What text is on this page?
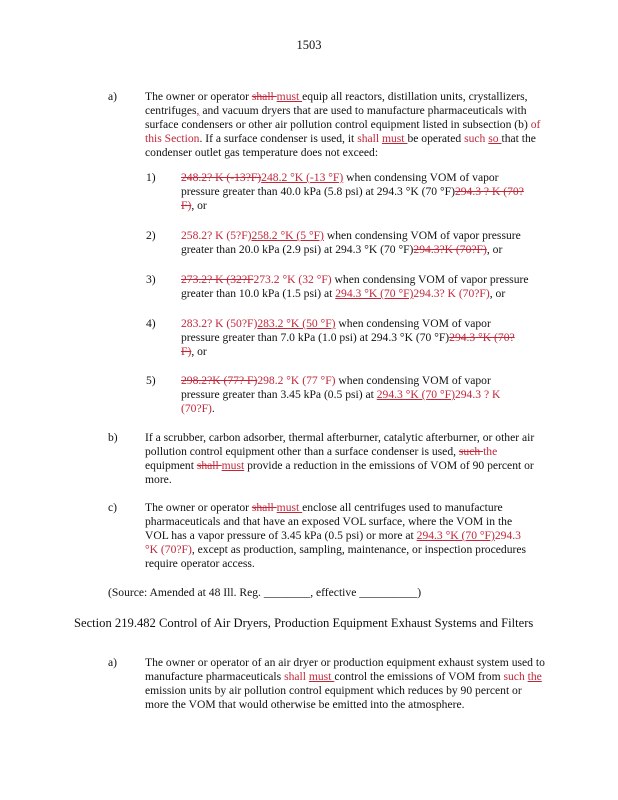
1503
a) The owner or operator shall must equip all reactors, distillation units, crystallizers, centrifuges, and vacuum dryers that are used to manufacture pharmaceuticals with surface condensers or other air pollution control equipment listed in subsection (b) of this Section. If a surface condenser is used, it shall must be operated such so that the condenser outlet gas temperature does not exceed:
1) 248.2? K (-13?F)248.2 °K (-13 °F) when condensing VOM of vapor pressure greater than 40.0 kPa (5.8 psi) at 294.3 °K (70 °F)294.3 ? K (70?F), or
2) 258.2? K (5?F)258.2 °K (5 °F) when condensing VOM of vapor pressure greater than 20.0 kPa (2.9 psi) at 294.3 °K (70 °F)294.3?K (70?F), or
3) 273.2? K (32?F273.2 °K (32 °F) when condensing VOM of vapor pressure greater than 10.0 kPa (1.5 psi) at 294.3 °K (70 °F)294.3? K (70?F), or
4) 283.2? K (50?F)283.2 °K (50 °F) when condensing VOM of vapor pressure greater than 7.0 kPa (1.0 psi) at 294.3 °K (70 °F)294.3 °K (70?F), or
5) 298.2?K (77? F)298.2 °K (77 °F) when condensing VOM of vapor pressure greater than 3.45 kPa (0.5 psi) at 294.3 °K (70 °F)294.3 ? K (70?F).
b) If a scrubber, carbon adsorber, thermal afterburner, catalytic afterburner, or other air pollution control equipment other than a surface condenser is used, such the equipment shall must provide a reduction in the emissions of VOM of 90 percent or more.
c) The owner or operator shall must enclose all centrifuges used to manufacture pharmaceuticals and that have an exposed VOL surface, where the VOM in the VOL has a vapor pressure of 3.45 kPa (0.5 psi) or more at 294.3 °K (70 °F)294.3 °K (70?F), except as production, sampling, maintenance, or inspection procedures require operator access.
(Source: Amended at 48 Ill. Reg. ________, effective __________)
Section 219.482 Control of Air Dryers, Production Equipment Exhaust Systems and Filters
a) The owner or operator of an air dryer or production equipment exhaust system used to manufacture pharmaceuticals shall must control the emissions of VOM from such the emission units by air pollution control equipment which reduces by 90 percent or more the VOM that would otherwise be emitted into the atmosphere.
